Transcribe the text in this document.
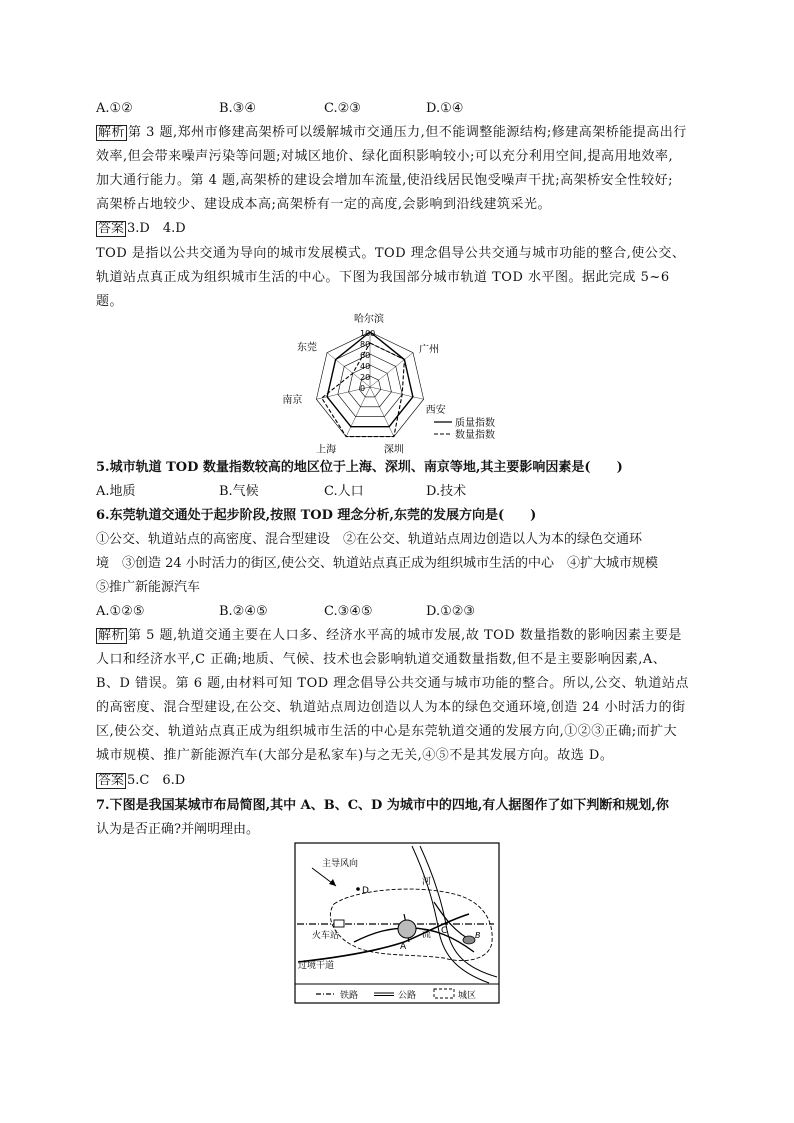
A.①②	B.③④	C.②③	D.①④
解析 第 3 题,郑州市修建高架桥可以缓解城市交通压力,但不能调整能源结构;修建高架桥能提高出行
效率,但会带来噪声污染等问题;对城区地价、绿化面积影响较小;可以充分利用空间,提高用地效率,
加大通行能力。第 4 题,高架桥的建设会增加车流量,使沿线居民饱受噪声干扰;高架桥安全性较好;
高架桥占地较少、建设成本高;高架桥有一定的高度,会影响到沿线建筑采光。
答案 3.D　4.D
TOD 是指以公共交通为导向的城市发展模式。TOD 理念倡导公共交通与城市功能的整合,使公交、
轨道站点真正成为组织城市生活的中心。下图为我国部分城市轨道 TOD 水平图。据此完成 5~6
题。
哈尔滨
广州
西安
深圳
上海
南京
东莞
100
80
60
40
20
0
质量指数
数量指数
5.城市轨道 TOD 数量指数较高的地区位于上海、深圳、南京等地,其主要影响因素是(　　)
A.地质	B.气候	C.人口	D.技术
6.东莞轨道交通处于起步阶段,按照 TOD 理念分析,东莞的发展方向是(　　)
①公交、轨道站点的高密度、混合型建设　②在公交、轨道站点周边创造以人为本的绿色交通环
境　③创造 24 小时活力的街区,使公交、轨道站点真正成为组织城市生活的中心　④扩大城市规模
⑤推广新能源汽车
A.①②⑤	B.②④⑤	C.③④⑤	D.①②③
解析 第 5 题,轨道交通主要在人口多、经济水平高的城市发展,故 TOD 数量指数的影响因素主要是
人口和经济水平,C 正确;地质、气候、技术也会影响轨道交通数量指数,但不是主要影响因素,A、
B、D 错误。第 6 题,由材料可知 TOD 理念倡导公共交通与城市功能的整合。所以,公交、轨道站点
的高密度、混合型建设,在公交、轨道站点周边创造以人为本的绿色交通环境,创造 24 小时活力的街
区,使公交、轨道站点真正成为组织城市生活的中心是东莞轨道交通的发展方向,①②③正确;而扩大
城市规模、推广新能源汽车(大部分是私家车)与之无关,④⑤不是其发展方向。故选 D。
答案 5.C　6.D
7.下图是我国某城市布局简图,其中 A、B、C、D 为城市中的四地,有人据图作了如下判断和规划,你
认为是否正确?并阐明理由。
主导风向
D
河
火车站
过境干道
A
流 C	B
铁路	公路	城区
